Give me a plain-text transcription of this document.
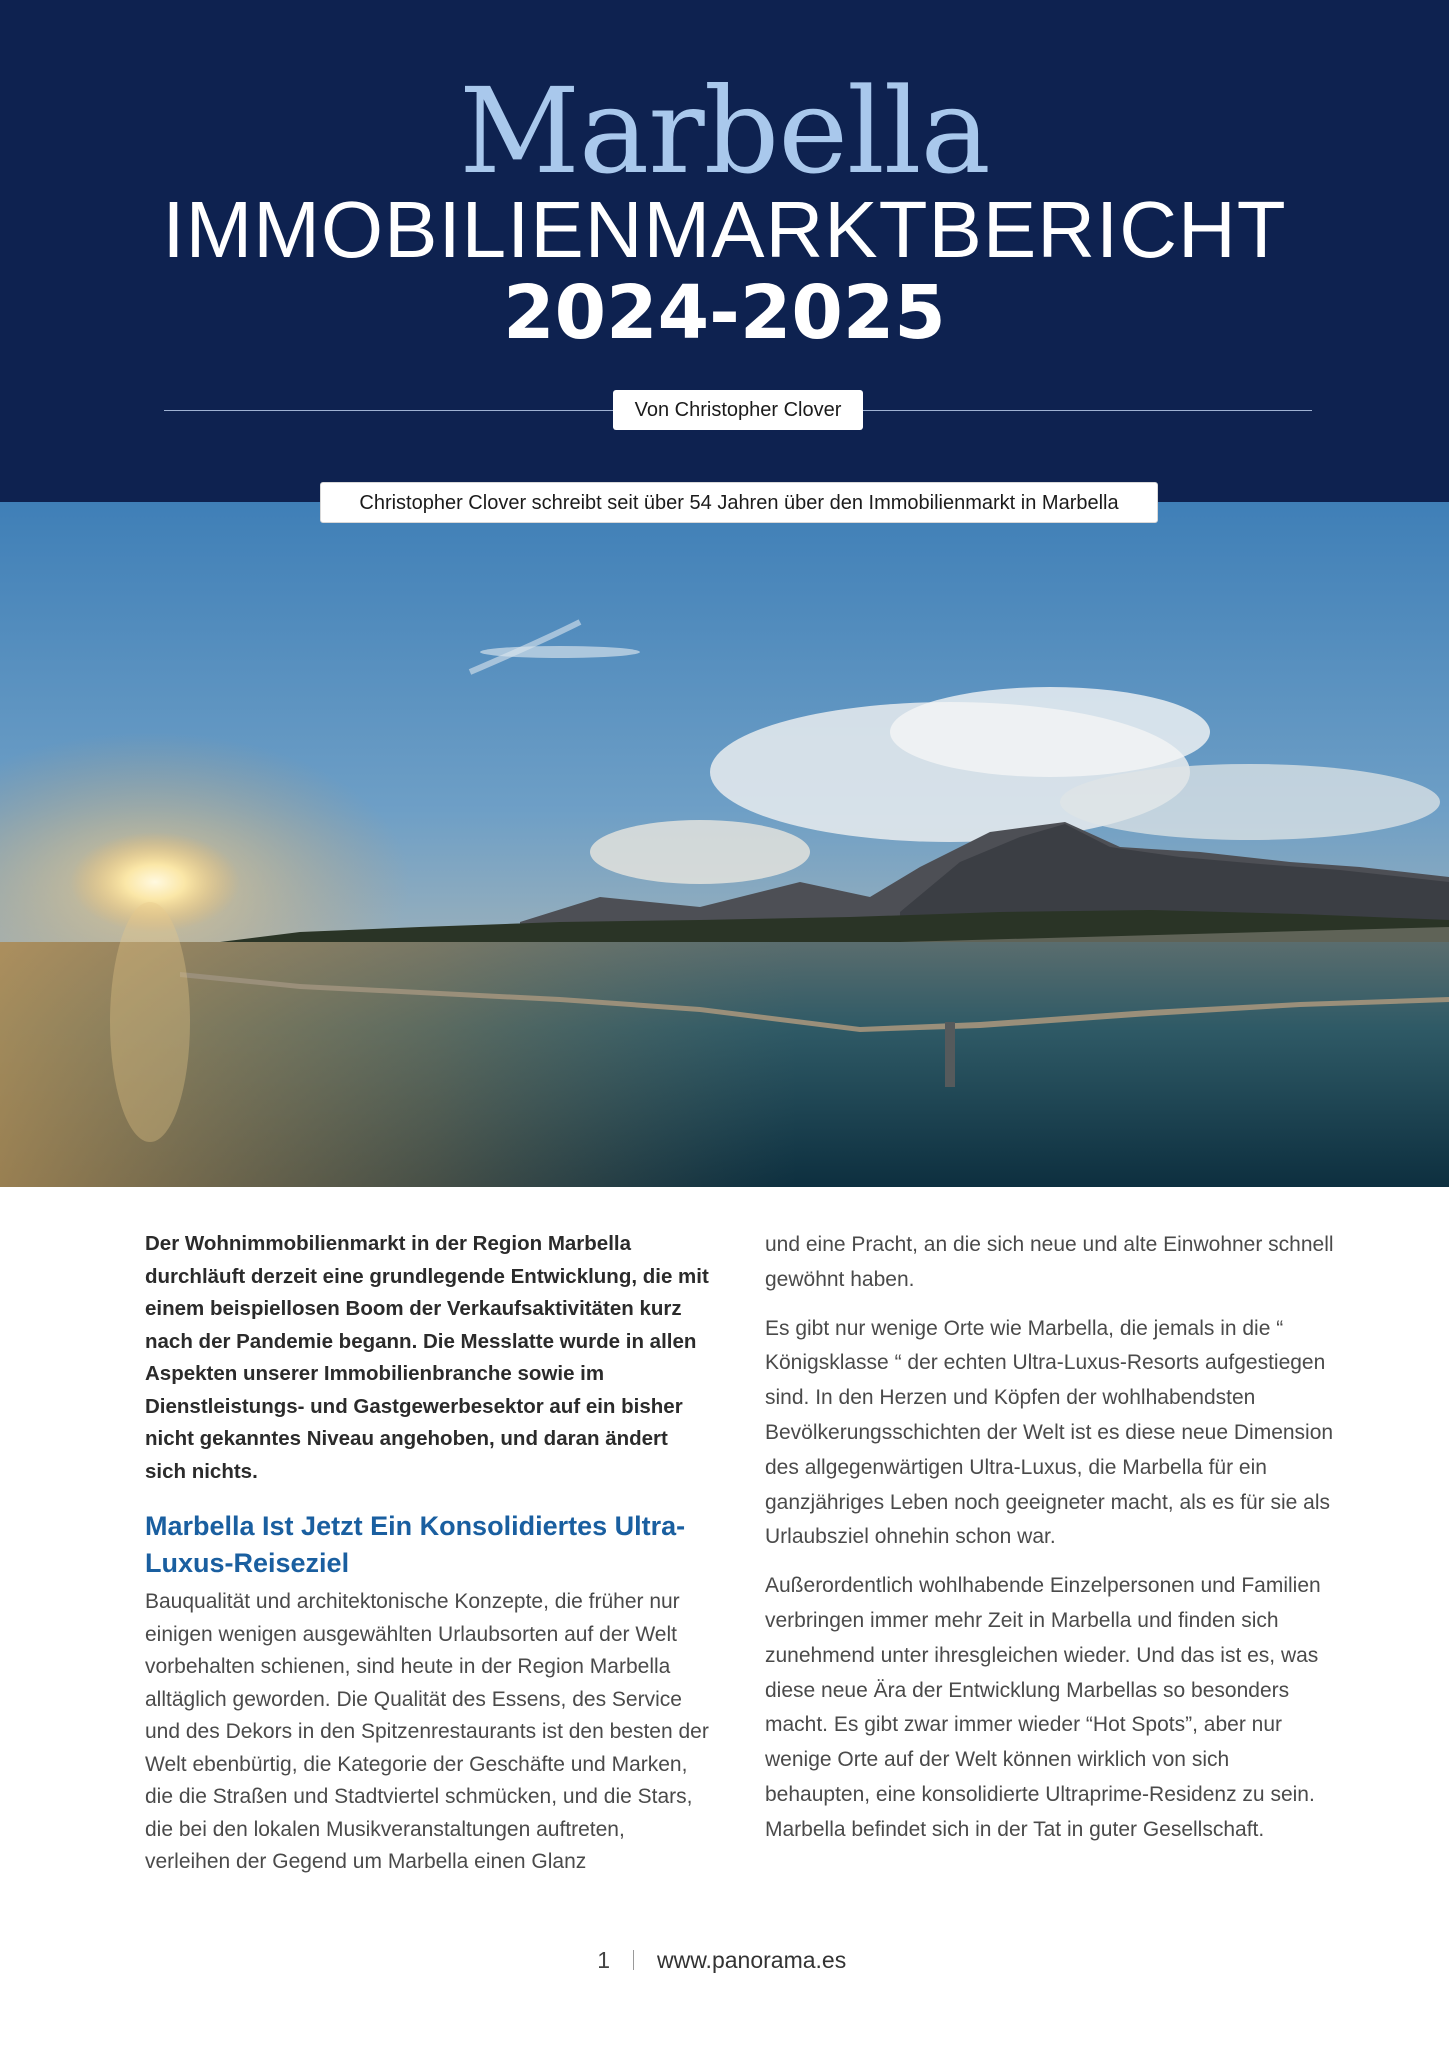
Marbella
IMMOBILIENMARKTBERICHT
2024-2025
Von Christopher Clover
Christopher Clover schreibt seit über 54 Jahren über den Immobilienmarkt in Marbella

Der Wohnimmobilienmarkt in der Region Marbella durchläuft derzeit eine grundlegende Entwicklung, die mit einem beispiellosen Boom der Verkaufsaktivitäten kurz nach der Pandemie begann. Die Messlatte wurde in allen Aspekten unserer Immobilienbranche sowie im Dienstleistungs- und Gastgewerbesektor auf ein bisher nicht gekanntes Niveau angehoben, und daran ändert sich nichts.

Marbella Ist Jetzt Ein Konsolidiertes Ultra-Luxus-Reiseziel

Bauqualität und architektonische Konzepte, die früher nur einigen wenigen ausgewählten Urlaubsorten auf der Welt vorbehalten schienen, sind heute in der Region Marbella alltäglich geworden. Die Qualität des Essens, des Service und des Dekors in den Spitzenrestaurants ist den besten der Welt ebenbürtig, die Kategorie der Geschäfte und Marken, die die Straßen und Stadtviertel schmücken, und die Stars, die bei den lokalen Musikveranstaltungen auftreten, verleihen der Gegend um Marbella einen Glanz

und eine Pracht, an die sich neue und alte Einwohner schnell gewöhnt haben.

Es gibt nur wenige Orte wie Marbella, die jemals in die “ Königsklasse “ der echten Ultra-Luxus-Resorts aufgestiegen sind. In den Herzen und Köpfen der wohlhabendsten Bevölkerungsschichten der Welt ist es diese neue Dimension des allgegenwärtigen Ultra-Luxus, die Marbella für ein ganzjähriges Leben noch geeigneter macht, als es für sie als Urlaubsziel ohnehin schon war.

Außerordentlich wohlhabende Einzelpersonen und Familien verbringen immer mehr Zeit in Marbella und finden sich zunehmend unter ihresgleichen wieder. Und das ist es, was diese neue Ära der Entwicklung Marbellas so besonders macht. Es gibt zwar immer wieder “Hot Spots”, aber nur wenige Orte auf der Welt können wirklich von sich behaupten, eine konsolidierte Ultraprime-Residenz zu sein. Marbella befindet sich in der Tat in guter Gesellschaft.

1 www.panorama.es
